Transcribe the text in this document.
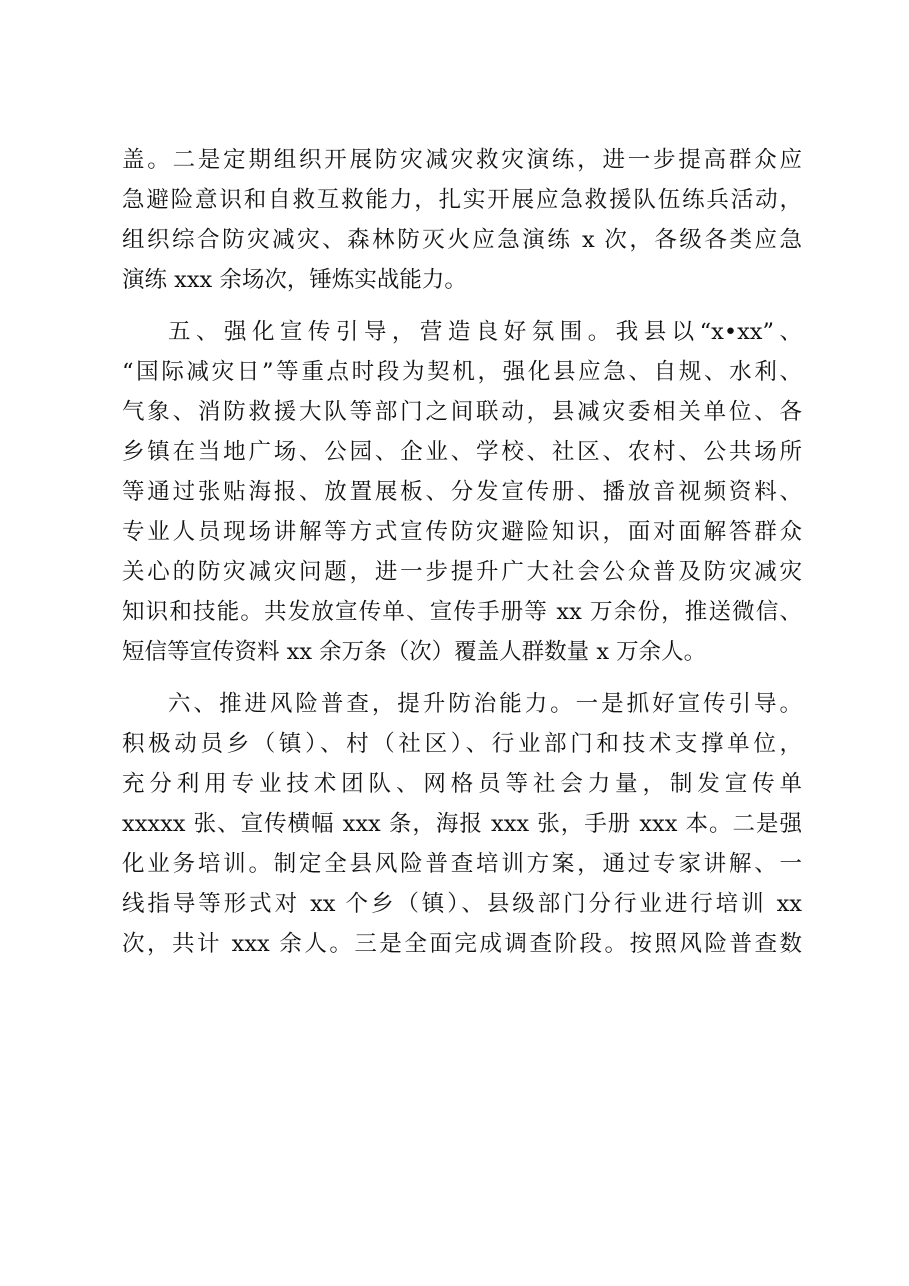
盖。二是定期组织开展防灾减灾救灾演练，进一步提高群众应
急避险意识和自救互救能力，扎实开展应急救援队伍练兵活动，
组织综合防灾减灾、森林防灭火应急演练 x 次，各级各类应急
演练 xxx 余场次，锤炼实战能力。
五、强化宣传引导，营造良好氛围。我县以“x•xx”、
“国际减灾日”等重点时段为契机，强化县应急、自规、水利、
气象、消防救援大队等部门之间联动，县减灾委相关单位、各
乡镇在当地广场、公园、企业、学校、社区、农村、公共场所
等通过张贴海报、放置展板、分发宣传册、播放音视频资料、
专业人员现场讲解等方式宣传防灾避险知识，面对面解答群众
关心的防灾减灾问题，进一步提升广大社会公众普及防灾减灾
知识和技能。共发放宣传单、宣传手册等 xx 万余份，推送微信、
短信等宣传资料 xx 余万条（次）覆盖人群数量 x 万余人。
六、推进风险普查，提升防治能力。一是抓好宣传引导。
积极动员乡（镇）、村（社区）、行业部门和技术支撑单位，
充分利用专业技术团队、网格员等社会力量，制发宣传单
xxxxx 张、宣传横幅 xxx 条，海报 xxx 张，手册 xxx 本。二是强
化业务培训。制定全县风险普查培训方案，通过专家讲解、一
线指导等形式对 xx 个乡（镇）、县级部门分行业进行培训 xx
次，共计 xxx 余人。三是全面完成调查阶段。按照风险普查数
